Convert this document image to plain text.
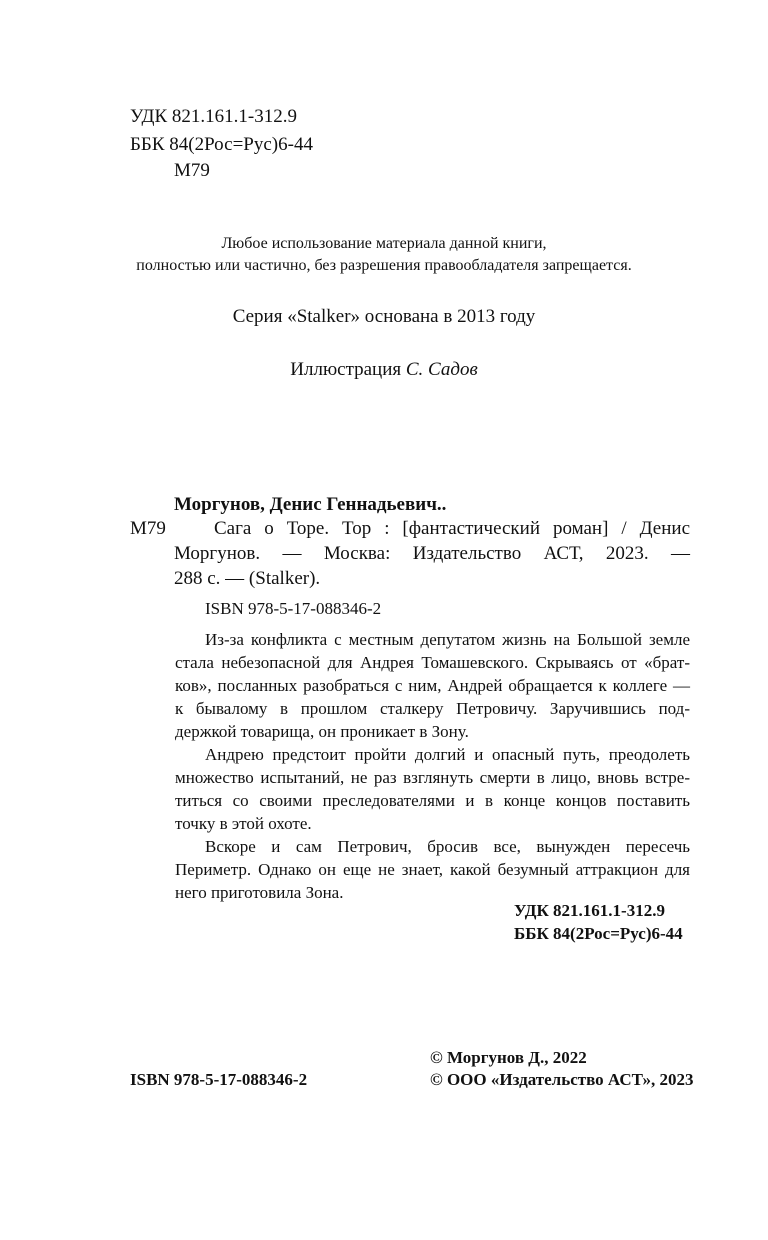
УДК 821.161.1-312.9
ББК 84(2Рос=Рус)6-44
М79
Любое использование материала данной книги,
полностью или частично, без разрешения правообладателя запрещается.
Серия «Stalker» основана в 2013 году
Иллюстрация С. Садов
Моргунов, Денис Геннадьевич..
М79	Сага о Торе. Тор : [фантастический роман] / Денис
Моргунов. — Москва: Издательство АСТ, 2023. —
288 с. — (Stalker).
ISBN 978-5-17-088346-2
Из-за конфликта с местным депутатом жизнь на Большой земле
стала небезопасной для Андрея Томашевского. Скрываясь от «брат-
ков», посланных разобраться с ним, Андрей обращается к коллеге —
к бывалому в прошлом сталкеру Петровичу. Заручившись под-
держкой товарища, он проникает в Зону.
Андрею предстоит пройти долгий и опасный путь, преодолеть
множество испытаний, не раз взглянуть смерти в лицо, вновь встре-
титься со своими преследователями и в конце концов поставить
точку в этой охоте.
Вскоре и сам Петрович, бросив все, вынужден пересечь
Периметр. Однако он еще не знает, какой безумный аттракцион для
него приготовила Зона.
УДК 821.161.1-312.9
ББК 84(2Рос=Рус)6-44
© Моргунов Д., 2022
ISBN 978-5-17-088346-2	© ООО «Издательство АСТ», 2023
